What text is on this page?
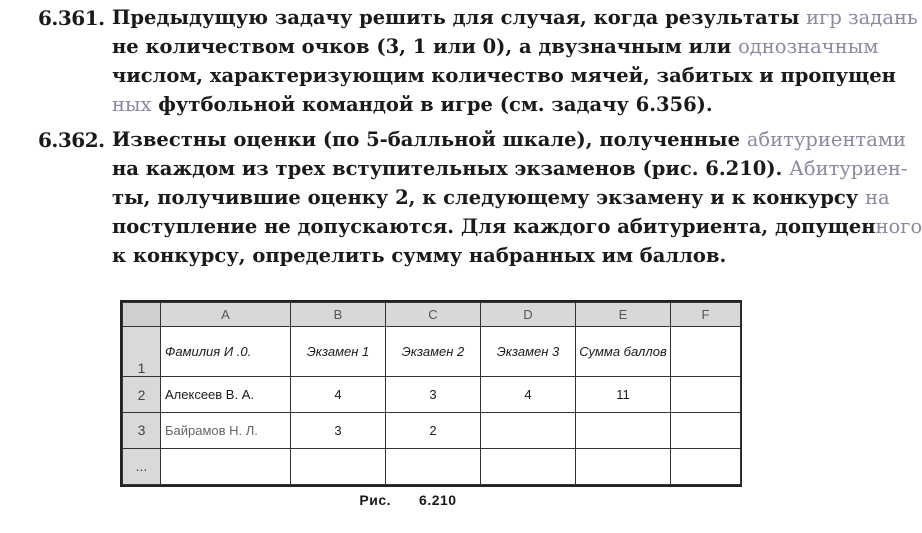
6.361. Предыдущую задачу решить для случая, когда результаты игр задань
не количеством очков (3, 1 или 0), а двузначным или однозначным
числом, характеризующим количество мячей, забитых и пропущен
ных футбольной командой в игре (см. задачу 6.356).
6.362. Известны оценки (по 5-балльной шкале), полученные абитуриентами
на каждом из трех вступительных экзаменов (рис. 6.210). Абитуриен-
ты, получившие оценку 2, к следующему экзамену и к конкурсу на
поступление не допускаются. Для каждого абитуриента, допущенного
к конкурсу, определить сумму набранных им баллов.
	A	B	C	D	E	F
1	Фамилия И .0.	Экзамен 1	Экзамен 2	Экзамен 3	Сумма баллов	
2	Алексеев В. А.	4	3	4	11	
3	Байрамов Н. Л.	3	2			
...						
Рис. 6.210
